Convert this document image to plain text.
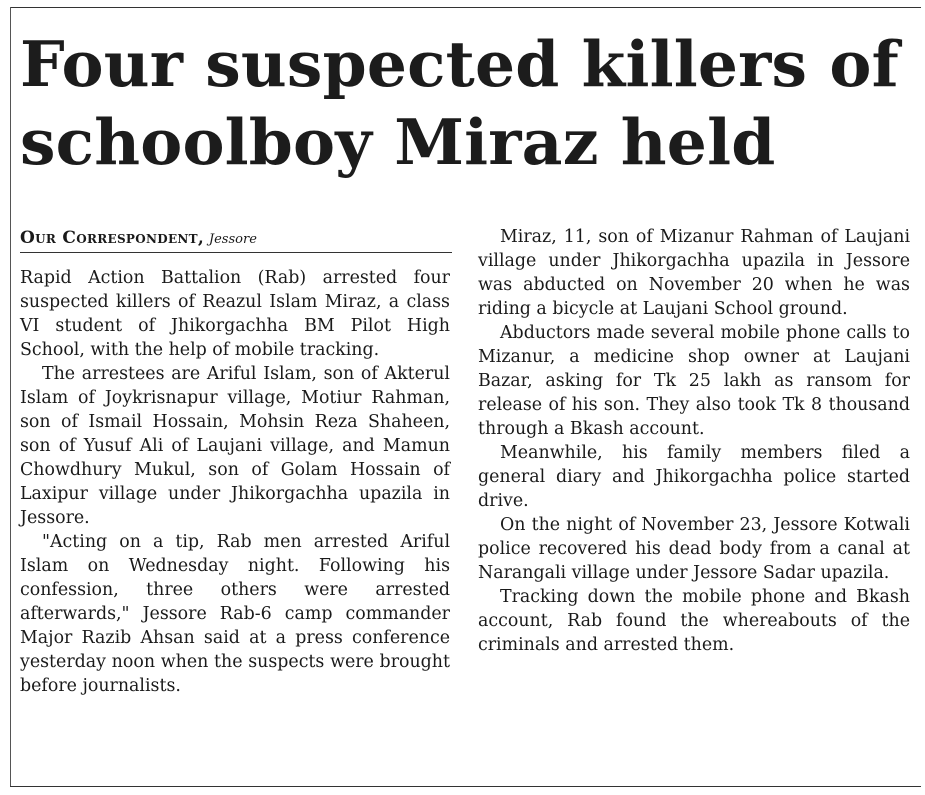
Four suspected killers of schoolboy Miraz held
Our Correspondent, Jessore

Rapid Action Battalion (Rab) arrested four suspected killers of Reazul Islam Miraz, a class VI student of Jhikorgachha BM Pilot High School, with the help of mobile tracking.

The arrestees are Ariful Islam, son of Akterul Islam of Joykrisnapur village, Motiur Rahman, son of Ismail Hossain, Mohsin Reza Shaheen, son of Yusuf Ali of Laujani village, and Mamun Chowdhury Mukul, son of Golam Hossain of Laxipur village under Jhikorgachha upazila in Jessore.

"Acting on a tip, Rab men arrested Ariful Islam on Wednesday night. Following his confession, three others were arrested afterwards," Jessore Rab-6 camp commander Major Razib Ahsan said at a press conference yesterday noon when the suspects were brought before journalists.

Miraz, 11, son of Mizanur Rahman of Laujani village under Jhikorgachha upazila in Jessore was abducted on November 20 when he was riding a bicycle at Laujani School ground.

Abductors made several mobile phone calls to Mizanur, a medicine shop owner at Laujani Bazar, asking for Tk 25 lakh as ransom for release of his son. They also took Tk 8 thousand through a Bkash account.

Meanwhile, his family members filed a general diary and Jhikorgachha police started drive.

On the night of November 23, Jessore Kotwali police recovered his dead body from a canal at Narangali village under Jessore Sadar upazila.

Tracking down the mobile phone and Bkash account, Rab found the whereabouts of the criminals and arrested them.
